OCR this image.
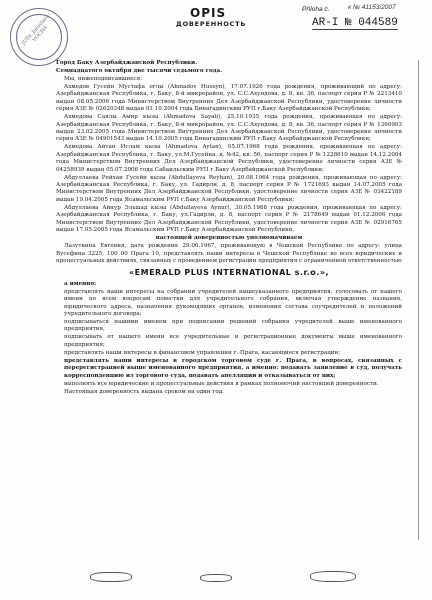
JUDr. Jaroslava VOCHÁ
OPIS
ДОВЕРЕННОСТЬ
Příloha č.	к № 41153/2007
AR-I № 044589

Город Баку Азербайджанской Республики.

Семнадцатого октября две тысячи седьмого года.

Мы, нижеподписавшиеся:

Ахмедов Гусейн Мустафа оглы (Ahmadov Huseyn), 17.07.1926 года рождения, проживающий по адресу: Азербайджанская Республика, г. Баку, 8-й микрорайон, ул. С.С.Ахундова, д. 8, кв. 36, паспорт серия Р № 2213410 выдан 08.05.2006 года Министерством Внутренних Дел Азербайджанской Республики, удостоверение личности серия АЗЕ № 02620348 выдан 01.10.2004 года Бинагадинским РУП г.Баку Азербайджанской Республики;

Ахмедова Саялы Амир кызы (Ahmadova Sayali), 25.10.1935 года рождения, проживающая по адресу: Азербайджанская Республика, г. Баку, 8-й микрорайон, ул. С.С.Ахундова, д. 8, кв. 36, паспорт серия Р № 1360903 выдан 23.02.2005 года Министерством Внутренних Дел Азербайджанской Республики, удостоверение личности серия АЗЕ № 04901543 выдан 14.10.2005 года Бинагадинским РУП г.Баку Азербайджанской Республики;

Ахмедова Айтан Ислам кызы (Ahmadova Aytan), 05.07.1968 года рождения, проживающая по адресу: Азербайджанская Республика, г. Баку, ул.М.Гусейна, д. №42, кв. 56, паспорт серия Р № 1228610 выдан 14.12.2004 года Министерством Внутренних Дел Азербайджанской Республики, удостоверение личности серия АЗЕ № 04258939 выдан 05.07.2006 года Сабаильским РУП г.Баку Азербайджанской Республики;

Абдуллаева Рейхан Гусейн кызы (Abdullayeva Reyhan), 20.08.1964 года рождения, проживающая по адресу: Азербайджанская Республика, г. Баку, ул. Гадирли, д. 8, паспорт серия Р № 1721693 выдан 14.07.2005 года Министерством Внутренних Дел Азербайджанской Республики, удостоверение личности серия АЗЕ № 03422189 выдан 19.04.2005 года Ясамальским РУП г.Баку Азербайджанской Республики;

Абдуллаева Айнур Эльшад кызы (Abdullayeva Aynur), 30.05.1988 года рождения, проживающая по адресу: Азербайджанская Республика, г. Баку, ул.Гадирли, д. 8, паспорт серия Р № 2178649 выдан 01.12.2006 года Министерством Внутренних Дел Азербайджанской Республики, удостоверение личности серия АЗЕ № 02916765 выдан 17.05.2005 года Ясамальским РУП г.Баку Азербайджанской Республики,

настоящей доверенностью уполномачиваем

Лазуткина Евгения, дата рождения 29.06.1967, проживающую в Чешской Республике по адресу: улица Вусефина 3225, 100 00 Прага 10, представлять наши интересы в Чешской Республике во всех юридических и процессуальных действиях, связанных с проведением регистрации предприятия с ограниченной ответственностью

«EMERALD PLUS INTERNATIONAL s.r.o.»,

а именно:

представлять наши интересы на собрании учредителей вышеуказанного предприятия, голосовать от нашего имени по всем вопросам повестки для учредительного собрания, включая утверждение названия, юридического адреса, назначения руководящих органов, изменения состава соучредителей и положений учредительного договора;

подписываться нашими именем при подписании решений собрания учредителей выше именованного предприятия,

подписывать от нашего имени все учредительные и регистрационные документы выше именованного предприятия;

представлять наши интересы в финансовом управлении г. Прага, касающиеся регистрации;

представлять наши интересы в городском торговом суде г. Прага, в вопросах, связанных с перерегистрацией выше именованного предприятия, а именно: подавать заявление в суд, получать корреспонденцию из торгового суда, подавать апелляции и отказываться от них;

выполнять все юридические и процессуальные действия в рамках полномочий настоящей доверенности.

Настоящая доверенность выдана сроком на один год.
